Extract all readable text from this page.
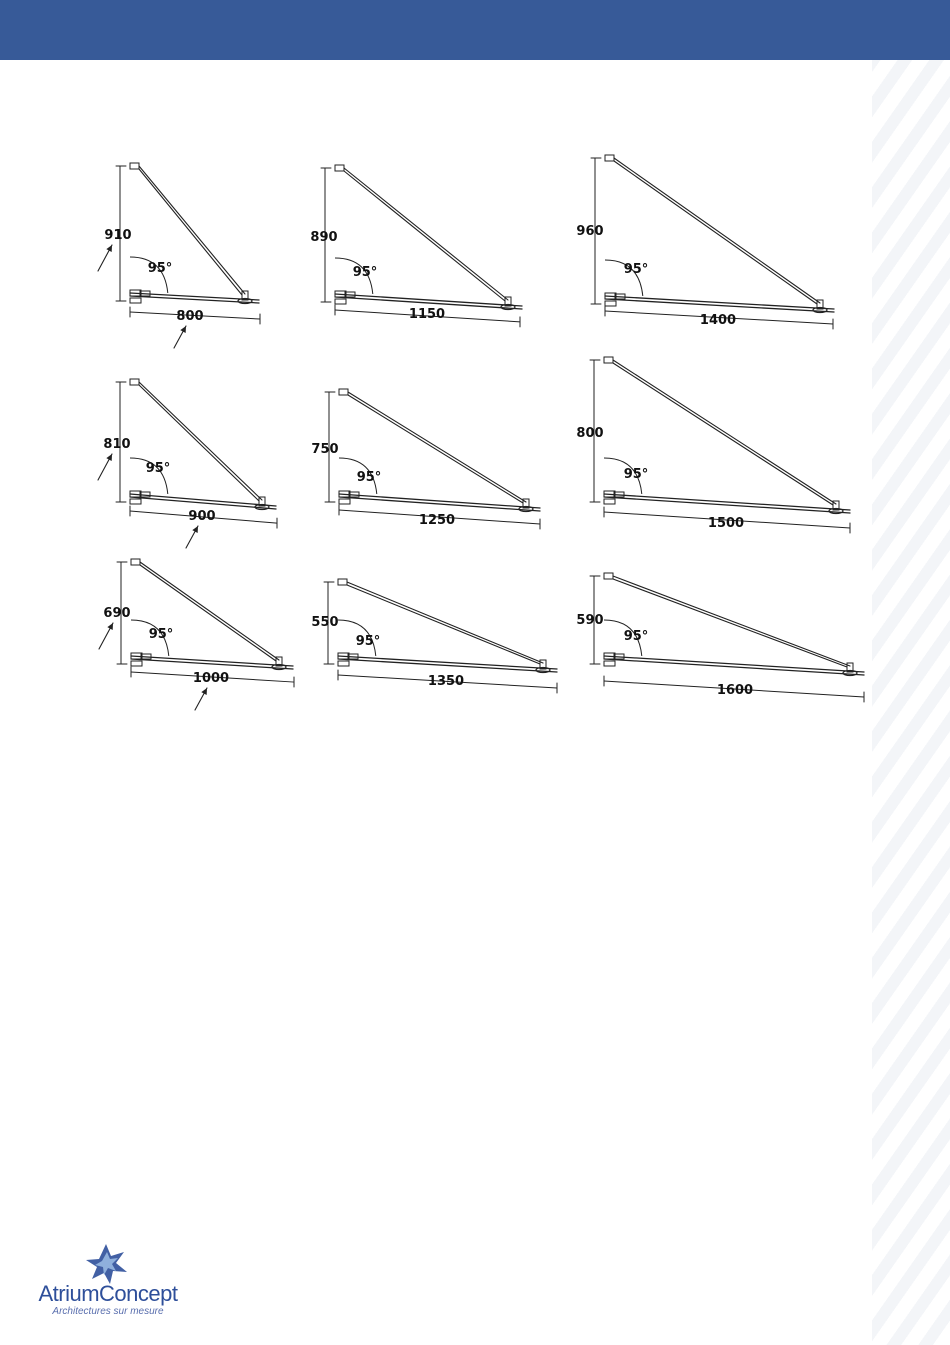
910
800
95°
890
1150
95°
960
1400
95°
810
900
95°
750
1250
95°
800
1500
95°
690
1000
95°
550
1350
95°
590
1600
95°
AtriumConcept
Architectures sur mesure
